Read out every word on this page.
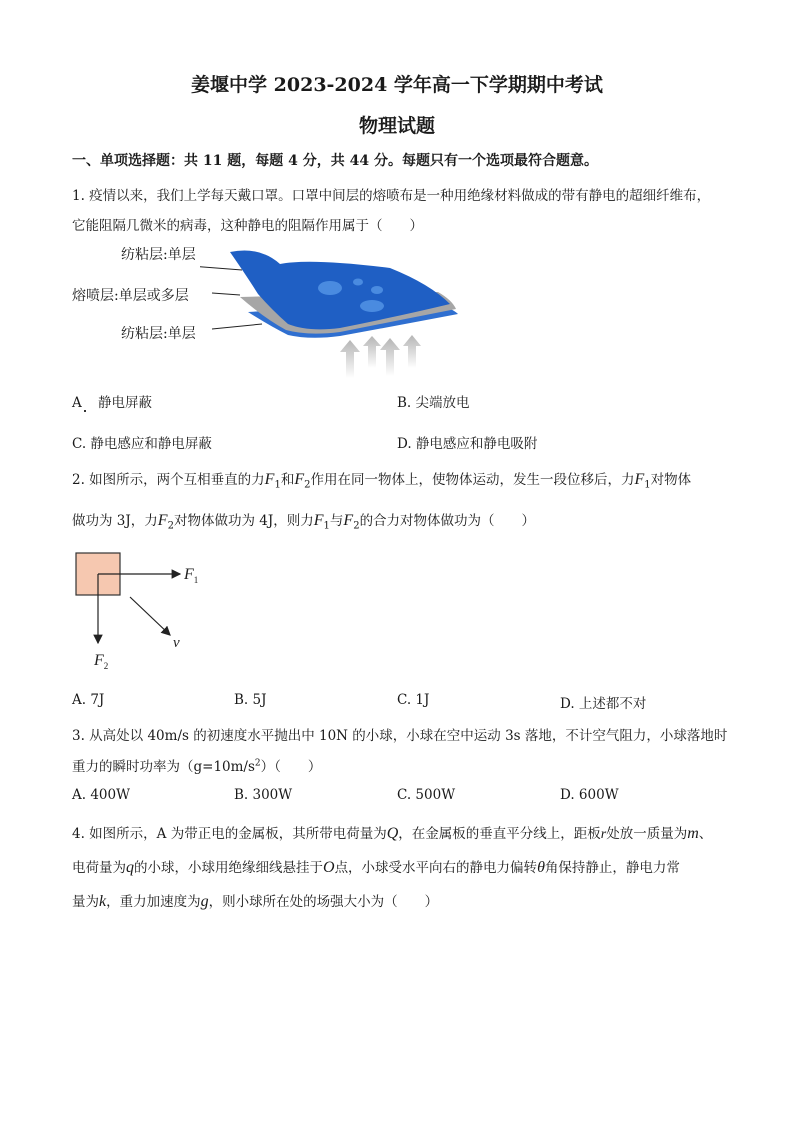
姜堰中学 2023-2024 学年高一下学期期中考试
物理试题
一、单项选择题：共 11 题，每题 4 分，共 44 分。每题只有一个选项最符合题意。
1. 疫情以来，我们上学每天戴口罩。口罩中间层的熔喷布是一种用绝缘材料做成的带有静电的超细纤维布，
它能阻隔几微米的病毒，这种静电的阻隔作用属于（　　）
纺粘层:单层
熔喷层:单层或多层
纺粘层:单层
A 静电屏蔽	B. 尖端放电
C. 静电感应和静电屏蔽	D. 静电感应和静电吸附
2. 如图所示，两个互相垂直的力$F_1$和$F_2$作用在同一物体上，使物体运动，发生一段位移后，力$F_1$对物体
做功为 3J，力$F_2$对物体做功为 4J，则力$F_1$与$F_2$的合力对物体做功为（　　）
$F_1$
$F_2$
v
A. 7J	B. 5J	C. 1J	D. 上述都不对
3. 从高处以 40m/s 的初速度水平抛出中 10N 的小球，小球在空中运动 3s 落地，不计空气阻力，小球落地时
重力的瞬时功率为$(g=10m/s^2)$（　　）
A. 400W	B. 300W	C. 500W	D. 600W
4. 如图所示，A 为带正电的金属板，其所带电荷量为Q，在金属板的垂直平分线上，距板r处放一质量为m、
电荷量为q的小球，小球用绝缘细线悬挂于O点，小球受水平向右的静电力偏转θ角保持静止，静电力常
量为k，重力加速度为g，则小球所在处的场强大小为（　　）
